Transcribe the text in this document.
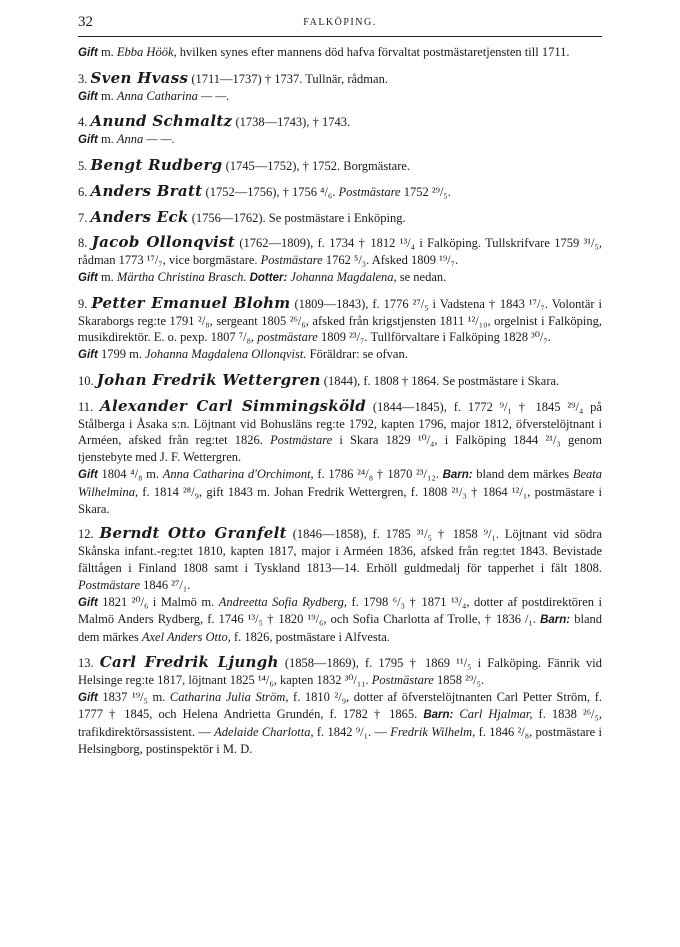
32	FALKÖPING.

Gift m. Ebba Höök, hvilken synes efter mannens död hafva förvaltat postmästaretjensten till 1711.

3. Sven Hvass (1711—1737) † 1737. Tullnär, rådman.

Gift m. Anna Catharina — —.

4. Anund Schmaltz (1738—1743), † 1743.

Gift m. Anna — —.

5. Bengt Rudberg (1745—1752), † 1752. Borgmästare.

6. Anders Bratt (1752—1756), † 1756 ⁴/₆. Postmästare 1752 ²⁹/₅.

7. Anders Eck (1756—1762). Se postmästare i Enköping.

8. Jacob Ollonqvist (1762—1809), f. 1734 † 1812 ¹³/₄ i Falköping. Tullskrifvare 1759 ³¹/₅, rådman 1773 ¹⁷/₇, vice borgmästare. Postmästare 1762 ⁵/₃. Afsked 1809 ¹⁹/₇.

Gift m. Märtha Christina Brasch. Dotter: Johanna Magdalena, se nedan.

9. Petter Emanuel Blohm (1809—1843), f. 1776 ²⁷/₅ i Vadstena † 1843 ¹⁷/₇. Volontär i Skaraborgs reg:te 1791 ²/₈, sergeant 1805 ²⁶/₆, afsked från krigstjensten 1811 ¹²/₁₀, orgelnist i Falköping, musikdirektör. E. o. pexp. 1807 ⁷/₈, postmästare 1809 ²³/₇. Tullförvaltare i Falköping 1828 ³⁰/₇.

Gift 1799 m. Johanna Magdalena Ollonqvist. Föräldrar: se ofvan.

10. Johan Fredrik Wettergren (1844), f. 1808 † 1864. Se postmästare i Skara.

11. Alexander Carl Simmingsköld (1844—1845), f. 1772 ⁹/₁ † 1845 ²⁹/₄ på Stålberga i Åsaka s:n. Löjtnant vid Bohusläns reg:te 1792, kapten 1796, major 1812, öfverstelöjtnant i Arméen, afsked från reg:tet 1826. Postmästare i Skara 1829 ¹⁰/₄, i Falköping 1844 ²¹/₃ genom tjenstebyte med J. F. Wettergren.

Gift 1804 ⁴/₈ m. Anna Catharina d'Orchimont, f. 1786 ²⁴/₈ † 1870 ²³/₁₂. Barn: bland dem märkes Beata Wilhelmina, f. 1814 ²⁸/₉, gift 1843 m. Johan Fredrik Wettergren, f. 1808 ²¹/₃ † 1864 ¹²/₁, postmästare i Skara.

12. Berndt Otto Granfelt (1846—1858), f. 1785 ³¹/₅ † 1858 ⁹/₁. Löjtnant vid södra Skånska infant.-reg:tet 1810, kapten 1817, major i Arméen 1836, afsked från reg:tet 1843. Bevistade fälttågen i Finland 1808 samt i Tyskland 1813—14. Erhöll guldmedalj för tapperhet i fält 1808. Postmästare 1846 ²⁷/₁.

Gift 1821 ²⁰/₆ i Malmö m. Andreetta Sofia Rydberg, f. 1798 ⁶/₃ † 1871 ¹³/₄, dotter af postdirektören i Malmö Anders Rydberg, f. 1746 ¹³/₅ † 1820 ¹⁹/₆, och Sofia Charlotta af Trolle, † 1836 /₁. Barn: bland dem märkes Axel Anders Otto, f. 1826, postmästare i Alfvesta.

13. Carl Fredrik Ljungh (1858—1869), f. 1795 † 1869 ¹¹/₅ i Falköping. Fänrik vid Helsinge reg:te 1817, löjtnant 1825 ¹⁴/₆, kapten 1832 ³⁰/₁₁. Postmästare 1858 ²⁹/₅.

Gift 1837 ¹⁹/₅ m. Catharina Julia Ström, f. 1810 ²/₉, dotter af öfverstelöjtnanten Carl Petter Ström, f. 1777 † 1845, och Helena Andrietta Grundén, f. 1782 † 1865. Barn: Carl Hjalmar, f. 1838 ²⁶/₅, trafikdirektörsassistent. — Adelaide Charlotta, f. 1842 ⁹/₁. — Fredrik Wilhelm, f. 1846 ²/₈, postmästare i Helsingborg, postinspektör i M. D.
